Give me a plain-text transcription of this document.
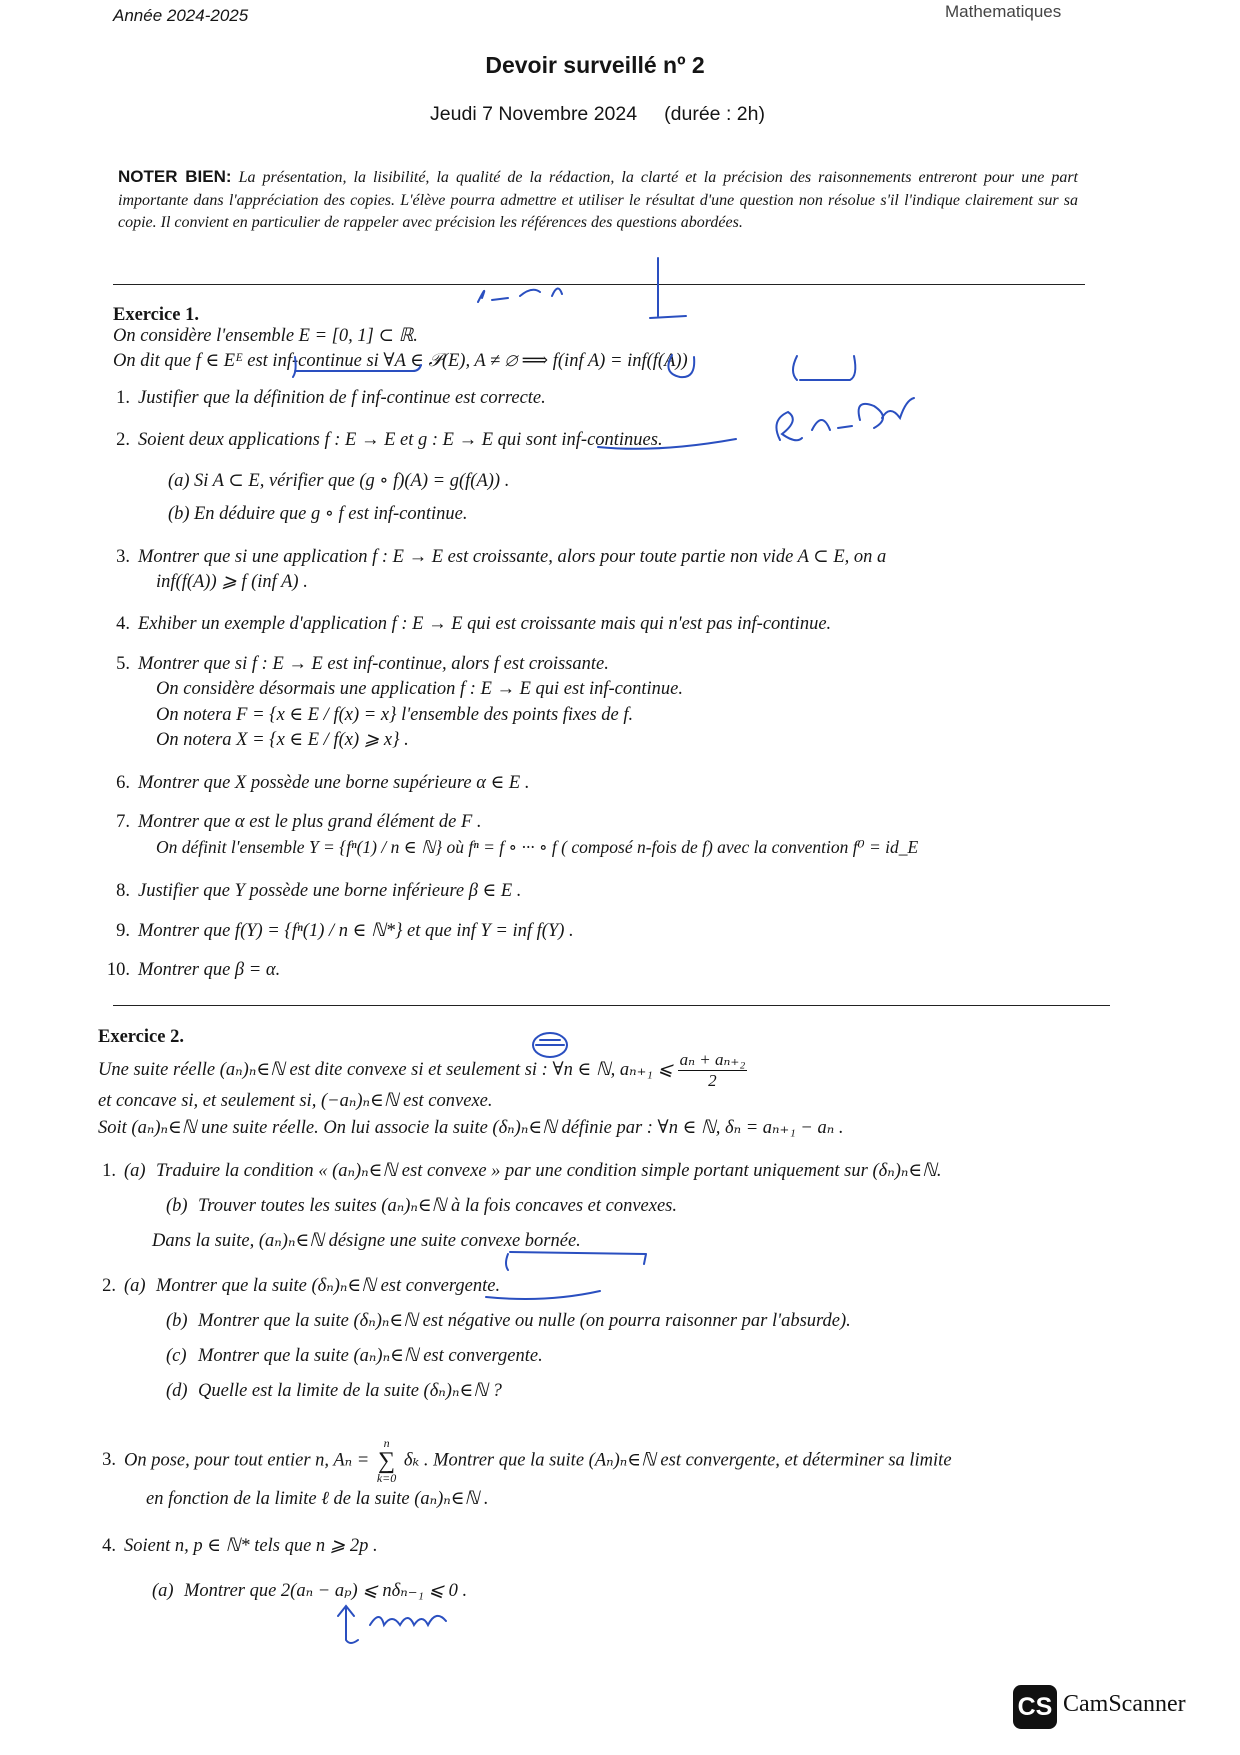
Année 2024-2025	Mathematiques
Devoir surveillé nº 2
Jeudi 7 Novembre 2024     (durée : 2h)
NOTER BIEN: La présentation, la lisibilité, la qualité de la rédaction, la clarté et la précision des raisonnements entreront pour une part importante dans l'appréciation des copies. L'élève pourra admettre et utiliser le résultat d'une question non résolue s'il l'indique clairement sur sa copie. Il convient en particulier de rappeler avec précision les références des questions abordées.
Exercice 1.
On considère l'ensemble E = [0, 1] ⊂ ℝ.
On dit que f ∈ Eᴱ est inf-continue si ∀A ∈ 𝒫(E), A ≠ ∅ ⟹ f(inf A) = inf(f(A))
1. Justifier que la définition de f inf-continue est correcte.
2. Soient deux applications f : E → E et g : E → E qui sont inf-continues.
(a) Si A ⊂ E, vérifier que (g ∘ f)(A) = g(f(A)) .
(b) En déduire que g ∘ f est inf-continue.
3. Montrer que si une application f : E → E est croissante, alors pour toute partie non vide A ⊂ E, on a
inf(f(A)) ⩾ f (inf A) .
4. Exhiber un exemple d'application f : E → E qui est croissante mais qui n'est pas inf-continue.
5. Montrer que si f : E → E est inf-continue, alors f est croissante.
On considère désormais une application f : E → E qui est inf-continue.
On notera F = {x ∈ E / f(x) = x} l'ensemble des points fixes de f.
On notera X = {x ∈ E / f(x) ⩾ x} .
6. Montrer que X possède une borne supérieure α ∈ E .
7. Montrer que α est le plus grand élément de F .
On définit l'ensemble Y = {fⁿ(1) / n ∈ ℕ} où fⁿ = f ∘ ··· ∘ f ( composé n-fois de f) avec la convention f⁰ = id_E
8. Justifier que Y possède une borne inférieure β ∈ E .
9. Montrer que f(Y) = {fⁿ(1) / n ∈ ℕ*} et que inf Y = inf f(Y) .
10. Montrer que β = α.
Exercice 2.
Une suite réelle (aₙ)ₙ∈ℕ est dite convexe si et seulement si : ∀n ∈ ℕ, aₙ₊₁ ⩽ $\frac{\text{aₙ + aₙ₊₂}}{2}$
et concave si, et seulement si, (−aₙ)ₙ∈ℕ est convexe.
Soit (aₙ)ₙ∈ℕ une suite réelle. On lui associe la suite (δₙ)ₙ∈ℕ définie par : ∀n ∈ ℕ, δₙ = aₙ₊₁ − aₙ .
1. (a) Traduire la condition « (aₙ)ₙ∈ℕ est convexe » par une condition simple portant uniquement sur (δₙ)ₙ∈ℕ.
(b) Trouver toutes les suites (aₙ)ₙ∈ℕ à la fois concaves et convexes.
Dans la suite, (aₙ)ₙ∈ℕ désigne une suite convexe bornée.
2. (a) Montrer que la suite (δₙ)ₙ∈ℕ est convergente.
(b) Montrer que la suite (δₙ)ₙ∈ℕ est négative ou nulle (on pourra raisonner par l'absurde).
(c) Montrer que la suite (aₙ)ₙ∈ℕ est convergente.
(d) Quelle est la limite de la suite (δₙ)ₙ∈ℕ ?
3. On pose, pour tout entier n, Aₙ =
n
∑
k=0
δₖ . Montrer que la suite (Aₙ)ₙ∈ℕ est convergente, et déterminer sa limite
en fonction de la limite ℓ de la suite (aₙ)ₙ∈ℕ .
4. Soient n, p ∈ ℕ* tels que n ⩾ 2p .
(a) Montrer que 2(aₙ − aₚ) ⩽ nδₙ₋₁ ⩽ 0 .
CS CamScanner
